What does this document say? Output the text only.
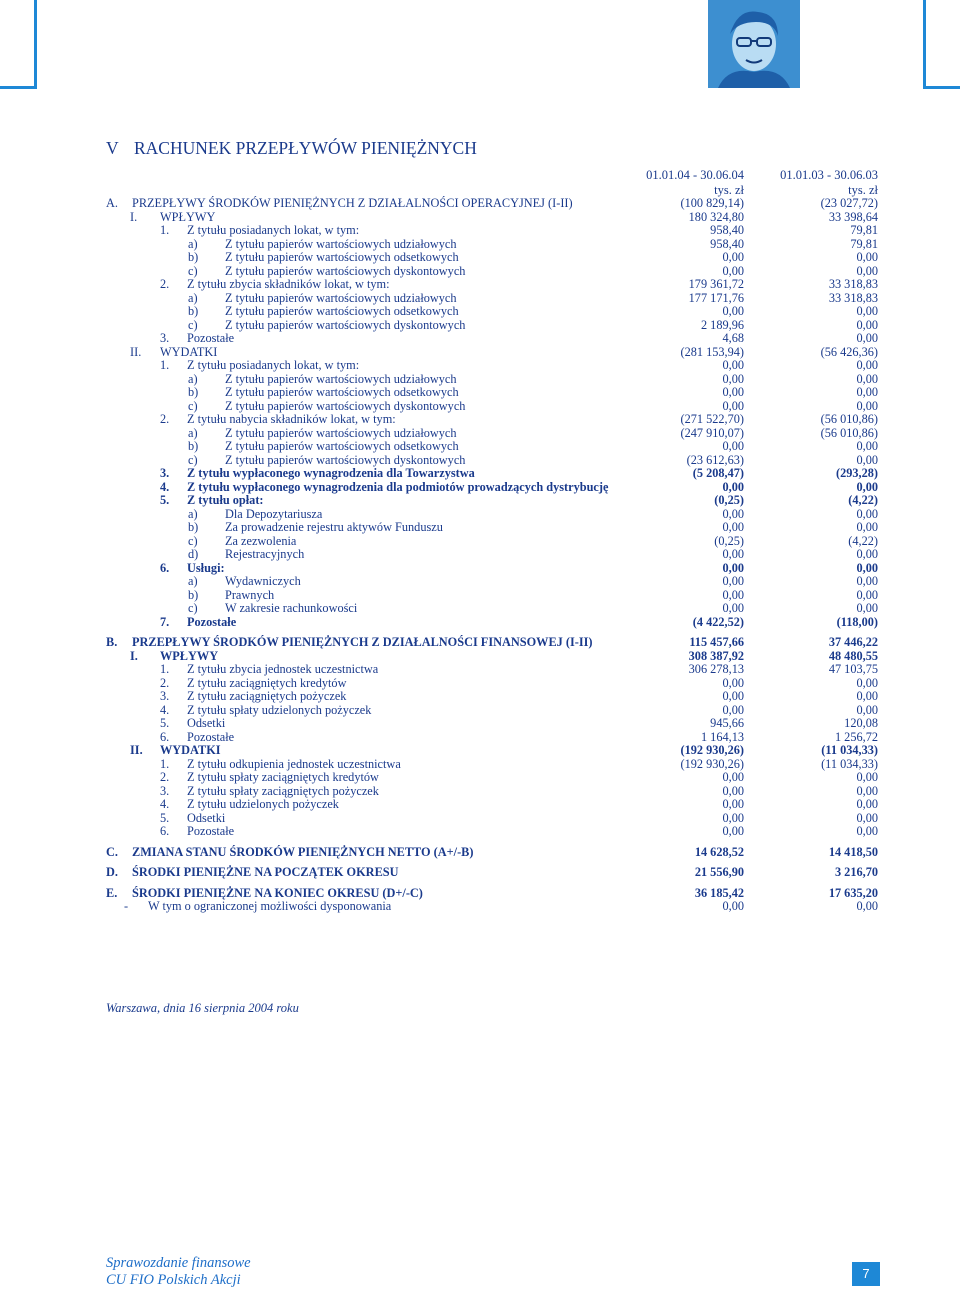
V RACHUNEK PRZEPŁYWÓW PIENIĘŻNYCH
01.01.04 - 30.06.04
tys. zł
01.01.03 - 30.06.03
tys. zł
A. PRZEPŁYWY ŚRODKÓW PIENIĘŻNYCH Z DZIAŁALNOŚCI OPERACYJNEJ (I-II)	(100 829,14)	(23 027,72)
I. WPŁYWY	180 324,80	33 398,64
1. Z tytułu posiadanych lokat, w tym:	958,40	79,81
a) Z tytułu papierów wartościowych udziałowych	958,40	79,81
b) Z tytułu papierów wartościowych odsetkowych	0,00	0,00
c) Z tytułu papierów wartościowych dyskontowych	0,00	0,00
2. Z tytułu zbycia składników lokat, w tym:	179 361,72	33 318,83
a) Z tytułu papierów wartościowych udziałowych	177 171,76	33 318,83
b) Z tytułu papierów wartościowych odsetkowych	0,00	0,00
c) Z tytułu papierów wartościowych dyskontowych	2 189,96	0,00
3. Pozostałe	4,68	0,00
II. WYDATKI	(281 153,94)	(56 426,36)
1. Z tytułu posiadanych lokat, w tym:	0,00	0,00
a) Z tytułu papierów wartościowych udziałowych	0,00	0,00
b) Z tytułu papierów wartościowych odsetkowych	0,00	0,00
c) Z tytułu papierów wartościowych dyskontowych	0,00	0,00
2. Z tytułu nabycia składników lokat, w tym:	(271 522,70)	(56 010,86)
a) Z tytułu papierów wartościowych udziałowych	(247 910,07)	(56 010,86)
b) Z tytułu papierów wartościowych odsetkowych	0,00	0,00
c) Z tytułu papierów wartościowych dyskontowych	(23 612,63)	0,00
3. Z tytułu wypłaconego wynagrodzenia dla Towarzystwa	(5 208,47)	(293,28)
4. Z tytułu wypłaconego wynagrodzenia dla podmiotów prowadzących dystrybucję	0,00	0,00
5. Z tytułu opłat:	(0,25)	(4,22)
a) Dla Depozytariusza	0,00	0,00
b) Za prowadzenie rejestru aktywów Funduszu	0,00	0,00
c) Za zezwolenia	(0,25)	(4,22)
d) Rejestracyjnych	0,00	0,00
6. Usługi:	0,00	0,00
a) Wydawniczych	0,00	0,00
b) Prawnych	0,00	0,00
c) W zakresie rachunkowości	0,00	0,00
7. Pozostałe	(4 422,52)	(118,00)
B. PRZEPŁYWY ŚRODKÓW PIENIĘŻNYCH Z DZIAŁALNOŚCI FINANSOWEJ (I-II)	115 457,66	37 446,22
I. WPŁYWY	308 387,92	48 480,55
1. Z tytułu zbycia jednostek uczestnictwa	306 278,13	47 103,75
2. Z tytułu zaciągniętych kredytów	0,00	0,00
3. Z tytułu zaciągniętych pożyczek	0,00	0,00
4. Z tytułu spłaty udzielonych pożyczek	0,00	0,00
5. Odsetki	945,66	120,08
6. Pozostałe	1 164,13	1 256,72
II. WYDATKI	(192 930,26)	(11 034,33)
1. Z tytułu odkupienia jednostek uczestnictwa	(192 930,26)	(11 034,33)
2. Z tytułu spłaty zaciągniętych kredytów	0,00	0,00
3. Z tytułu spłaty zaciągniętych pożyczek	0,00	0,00
4. Z tytułu udzielonych pożyczek	0,00	0,00
5. Odsetki	0,00	0,00
6. Pozostałe	0,00	0,00
C. ZMIANA STANU ŚRODKÓW PIENIĘŻNYCH NETTO (A+/-B)	14 628,52	14 418,50
D. ŚRODKI PIENIĘŻNE NA POCZĄTEK OKRESU	21 556,90	3 216,70
E. ŚRODKI PIENIĘŻNE NA KONIEC OKRESU (D+/-C)	36 185,42	17 635,20
- W tym o ograniczonej możliwości dysponowania	0,00	0,00
Warszawa, dnia 16 sierpnia 2004 roku
Sprawozdanie finansowe
CU FIO Polskich Akcji	7
